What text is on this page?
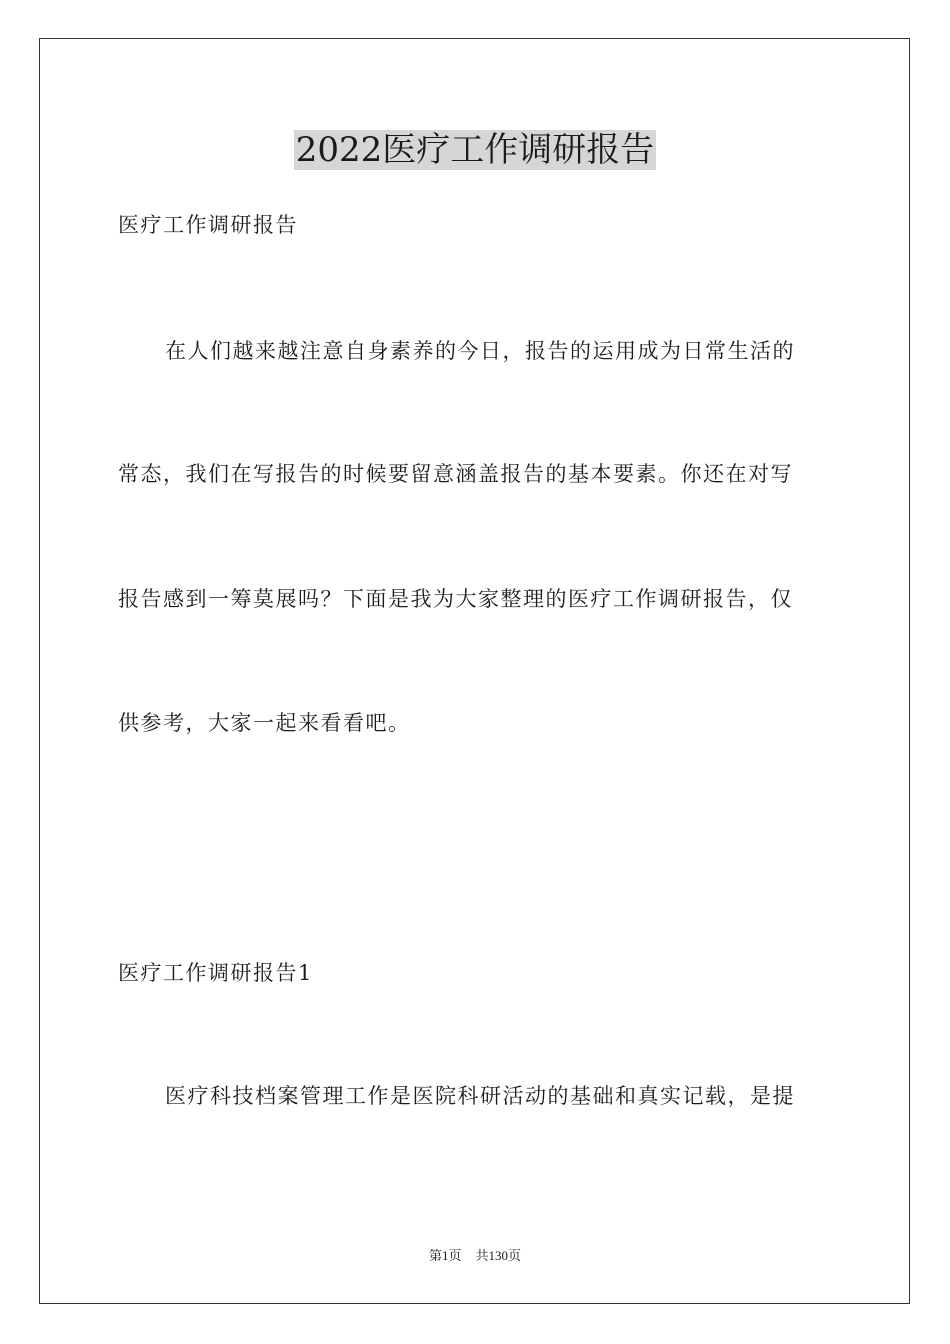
2022医疗工作调研报告
医疗工作调研报告
在人们越来越注意自身素养的今日，报告的运用成为日常生活的
常态，我们在写报告的时候要留意涵盖报告的基本要素。你还在对写
报告感到一筹莫展吗？下面是我为大家整理的医疗工作调研报告，仅
供参考，大家一起来看看吧。
医疗工作调研报告1
医疗科技档案管理工作是医院科研活动的基础和真实记载，是提
第1页 共130页
